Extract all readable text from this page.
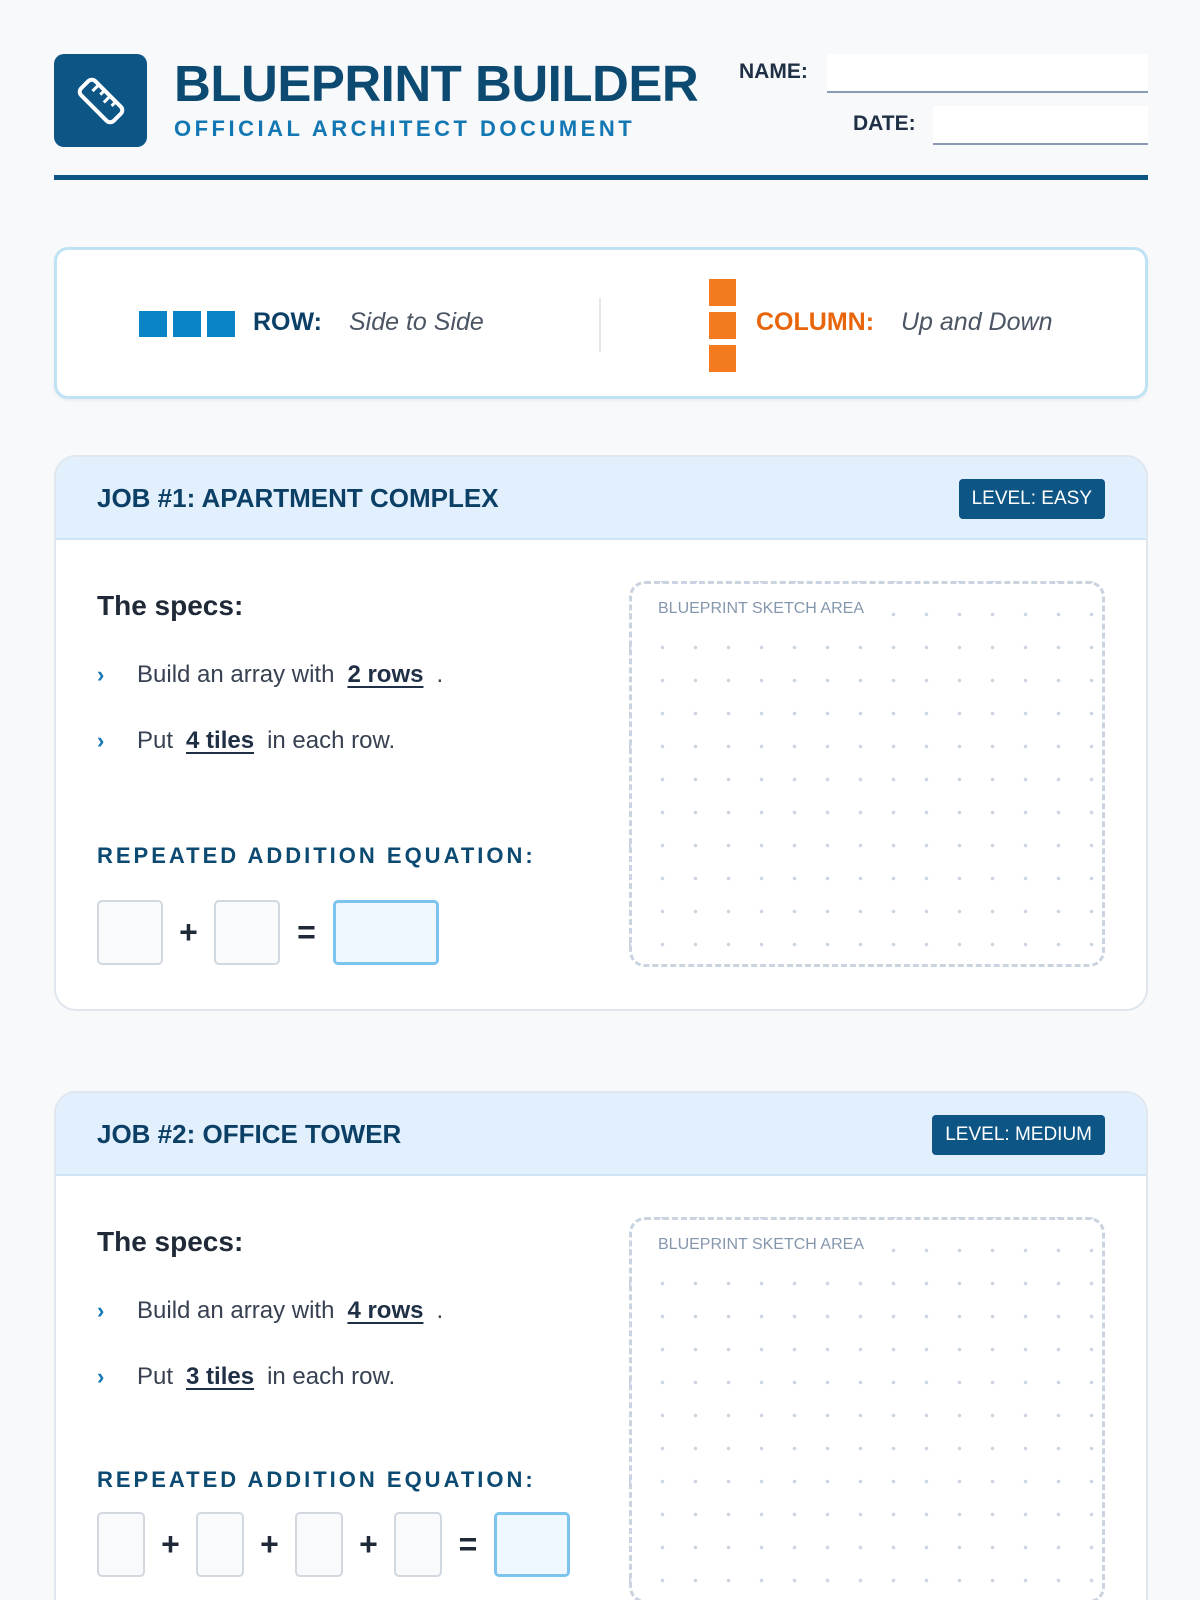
BLUEPRINT BUILDER
OFFICIAL ARCHITECT DOCUMENT
NAME:
DATE:
ROW: Side to Side	COLUMN: Up and Down
JOB #1: APARTMENT COMPLEX	LEVEL: EASY
The specs:
›	Build an array with 2 rows .
›	Put 4 tiles in each row.
REPEATED ADDITION EQUATION:
+	=
BLUEPRINT SKETCH AREA
JOB #2: OFFICE TOWER	LEVEL: MEDIUM
The specs:
›	Build an array with 4 rows .
›	Put 3 tiles in each row.
REPEATED ADDITION EQUATION:
+	+	+	=
BLUEPRINT SKETCH AREA
